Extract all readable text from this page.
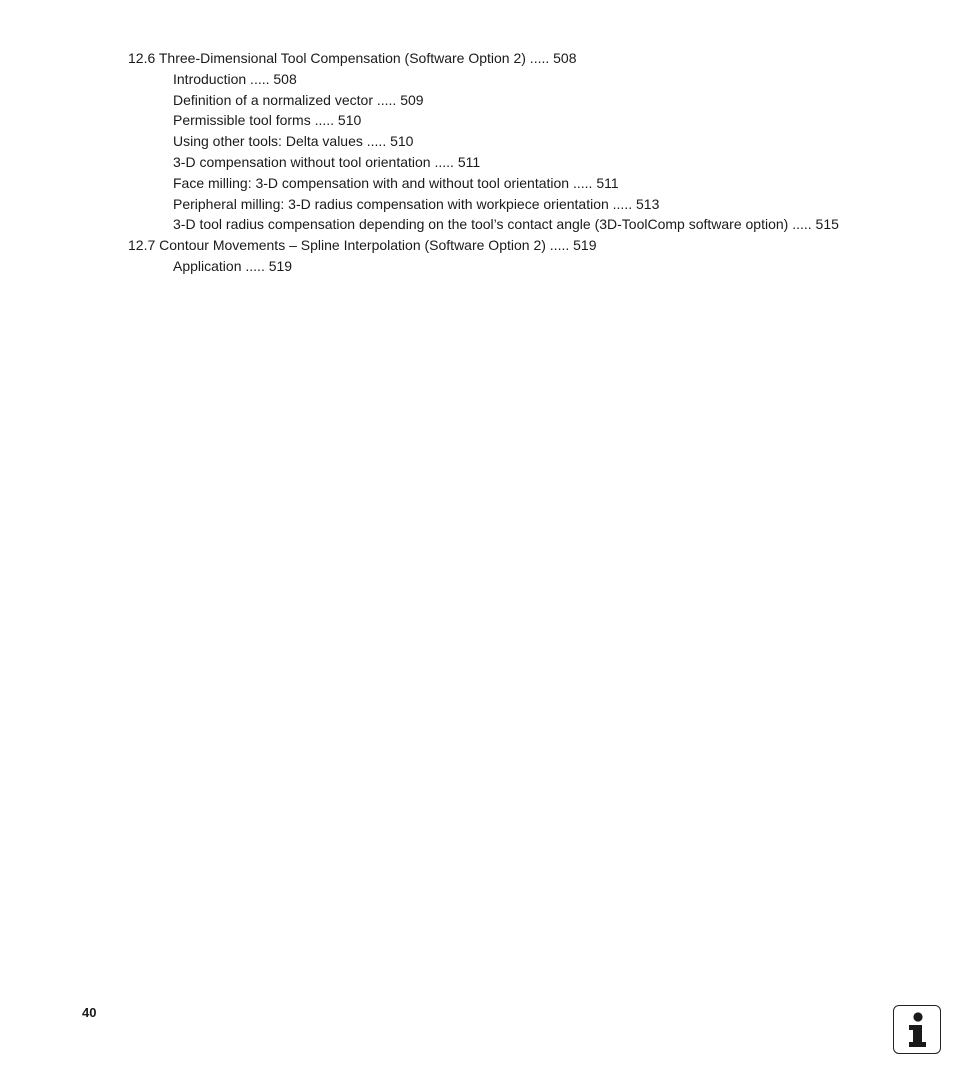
12.6 Three-Dimensional Tool Compensation (Software Option 2) ..... 508
Introduction ..... 508
Definition of a normalized vector ..... 509
Permissible tool forms ..... 510
Using other tools: Delta values ..... 510
3-D compensation without tool orientation ..... 511
Face milling: 3-D compensation with and without tool orientation ..... 511
Peripheral milling: 3-D radius compensation with workpiece orientation ..... 513
3-D tool radius compensation depending on the tool’s contact angle (3D-ToolComp software option) ..... 515
12.7 Contour Movements – Spline Interpolation (Software Option 2) ..... 519
Application ..... 519
40
